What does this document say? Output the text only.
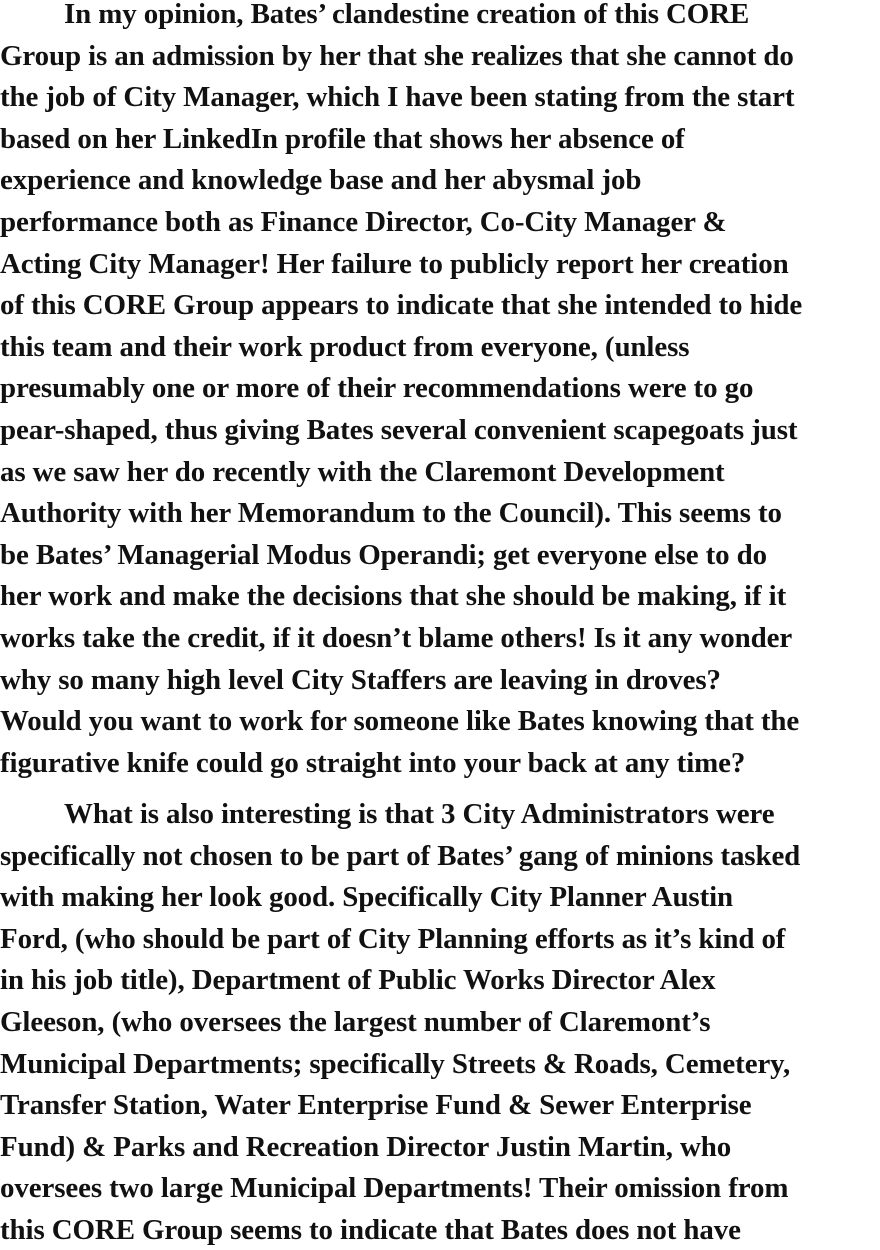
In my opinion, Bates’ clandestine creation of this CORE
Group is an admission by her that she realizes that she cannot do
the job of City Manager, which I have been stating from the start
based on her LinkedIn profile that shows her absence of
experience and knowledge base and her abysmal job
performance both as Finance Director, Co-City Manager &
Acting City Manager! Her failure to publicly report her creation
of this CORE Group appears to indicate that she intended to hide
this team and their work product from everyone, (unless
presumably one or more of their recommendations were to go
pear-shaped, thus giving Bates several convenient scapegoats just
as we saw her do recently with the Claremont Development
Authority with her Memorandum to the Council). This seems to
be Bates’ Managerial Modus Operandi; get everyone else to do
her work and make the decisions that she should be making, if it
works take the credit, if it doesn’t blame others! Is it any wonder
why so many high level City Staffers are leaving in droves?
Would you want to work for someone like Bates knowing that the
figurative knife could go straight into your back at any time?
What is also interesting is that 3 City Administrators were
specifically not chosen to be part of Bates’ gang of minions tasked
with making her look good. Specifically City Planner Austin
Ford, (who should be part of City Planning efforts as it’s kind of
in his job title), Department of Public Works Director Alex
Gleeson, (who oversees the largest number of Claremont’s
Municipal Departments; specifically Streets & Roads, Cemetery,
Transfer Station, Water Enterprise Fund & Sewer Enterprise
Fund) & Parks and Recreation Director Justin Martin, who
oversees two large Municipal Departments! Their omission from
this CORE Group seems to indicate that Bates does not have
